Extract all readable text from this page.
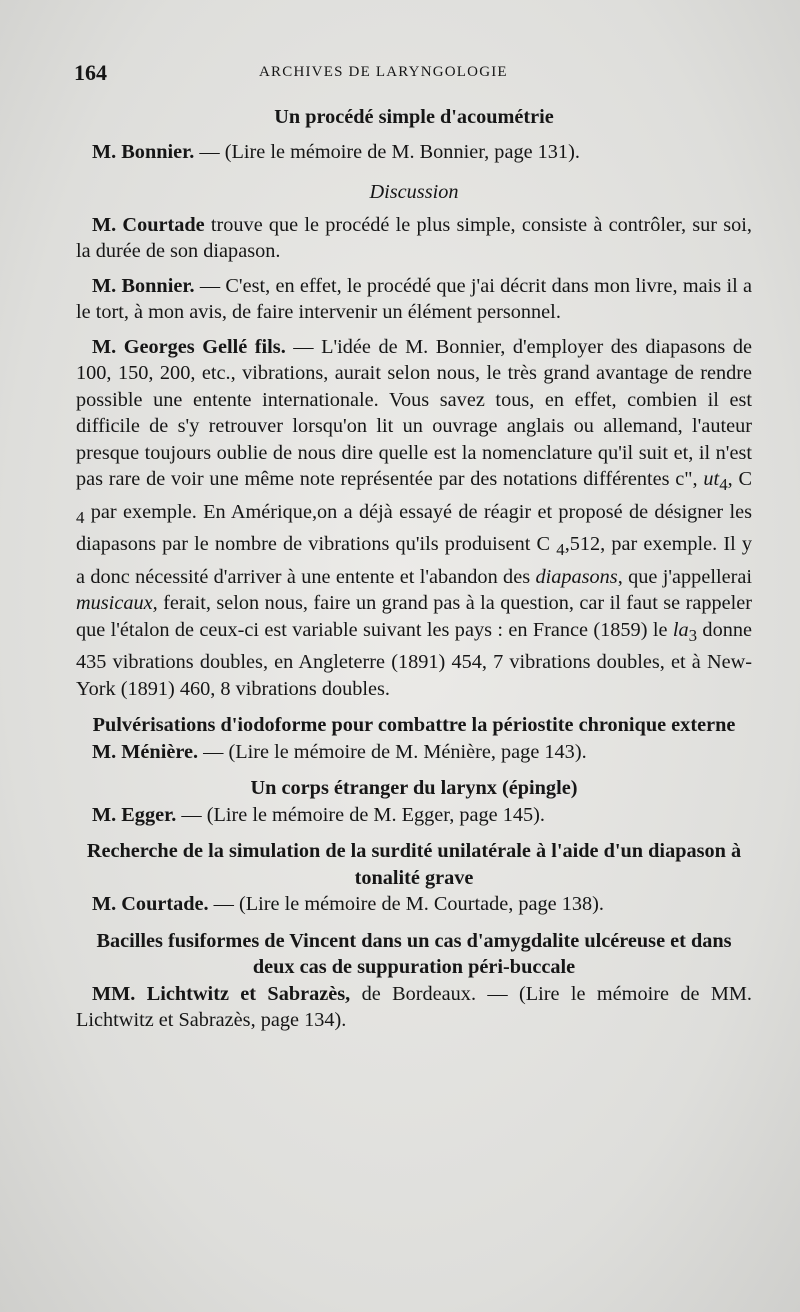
164	ARCHIVES DE LARYNGOLOGIE
Un procédé simple d'acoumétrie

M. Bonnier. — (Lire le mémoire de M. Bonnier, page 131).

Discussion

M. Courtade trouve que le procédé le plus simple, consiste à contrôler, sur soi, la durée de son diapason.

M. Bonnier. — C'est, en effet, le procédé que j'ai décrit dans mon livre, mais il a le tort, à mon avis, de faire intervenir un élément personnel.

M. Georges Gellé fils. — L'idée de M. Bonnier, d'employer des diapasons de 100, 150, 200, etc., vibrations, aurait selon nous, le très grand avantage de rendre possible une entente internationale. Vous savez tous, en effet, combien il est difficile de s'y retrouver lorsqu'on lit un ouvrage anglais ou allemand, l'auteur presque toujours oublie de nous dire quelle est la nomenclature qu'il suit et, il n'est pas rare de voir une même note représentée par des notations différentes c", $ut_4$, C $_4$ par exemple. En Amérique,on a déjà essayé de réagir et proposé de désigner les diapasons par le nombre de vibrations qu'ils produisent C $_4$,512, par exemple. Il y a donc nécessité d'arriver à une entente et l'abandon des diapasons, que j'appellerai musicaux, ferait, selon nous, faire un grand pas à la question, car il faut se rappeler que l'étalon de ceux-ci est variable suivant les pays : en France (1859) le $la_3$ donne 435 vibrations doubles, en Angleterre (1891) 454, 7 vibrations doubles, et à New-York (1891) 460, 8 vibrations doubles.

Pulvérisations d'iodoforme pour combattre la périostite chronique externe

M. Ménière. — (Lire le mémoire de M. Ménière, page 143).

Un corps étranger du larynx (épingle)

M. Egger. — (Lire le mémoire de M. Egger, page 145).

Recherche de la simulation de la surdité unilatérale à l'aide d'un diapason à tonalité grave

M. Courtade. — (Lire le mémoire de M. Courtade, page 138).

Bacilles fusiformes de Vincent dans un cas d'amygdalite ulcéreuse et dans deux cas de suppuration péri-buccale

MM. Lichtwitz et Sabrazès, de Bordeaux. — (Lire le mémoire de MM. Lichtwitz et Sabrazès, page 134).
